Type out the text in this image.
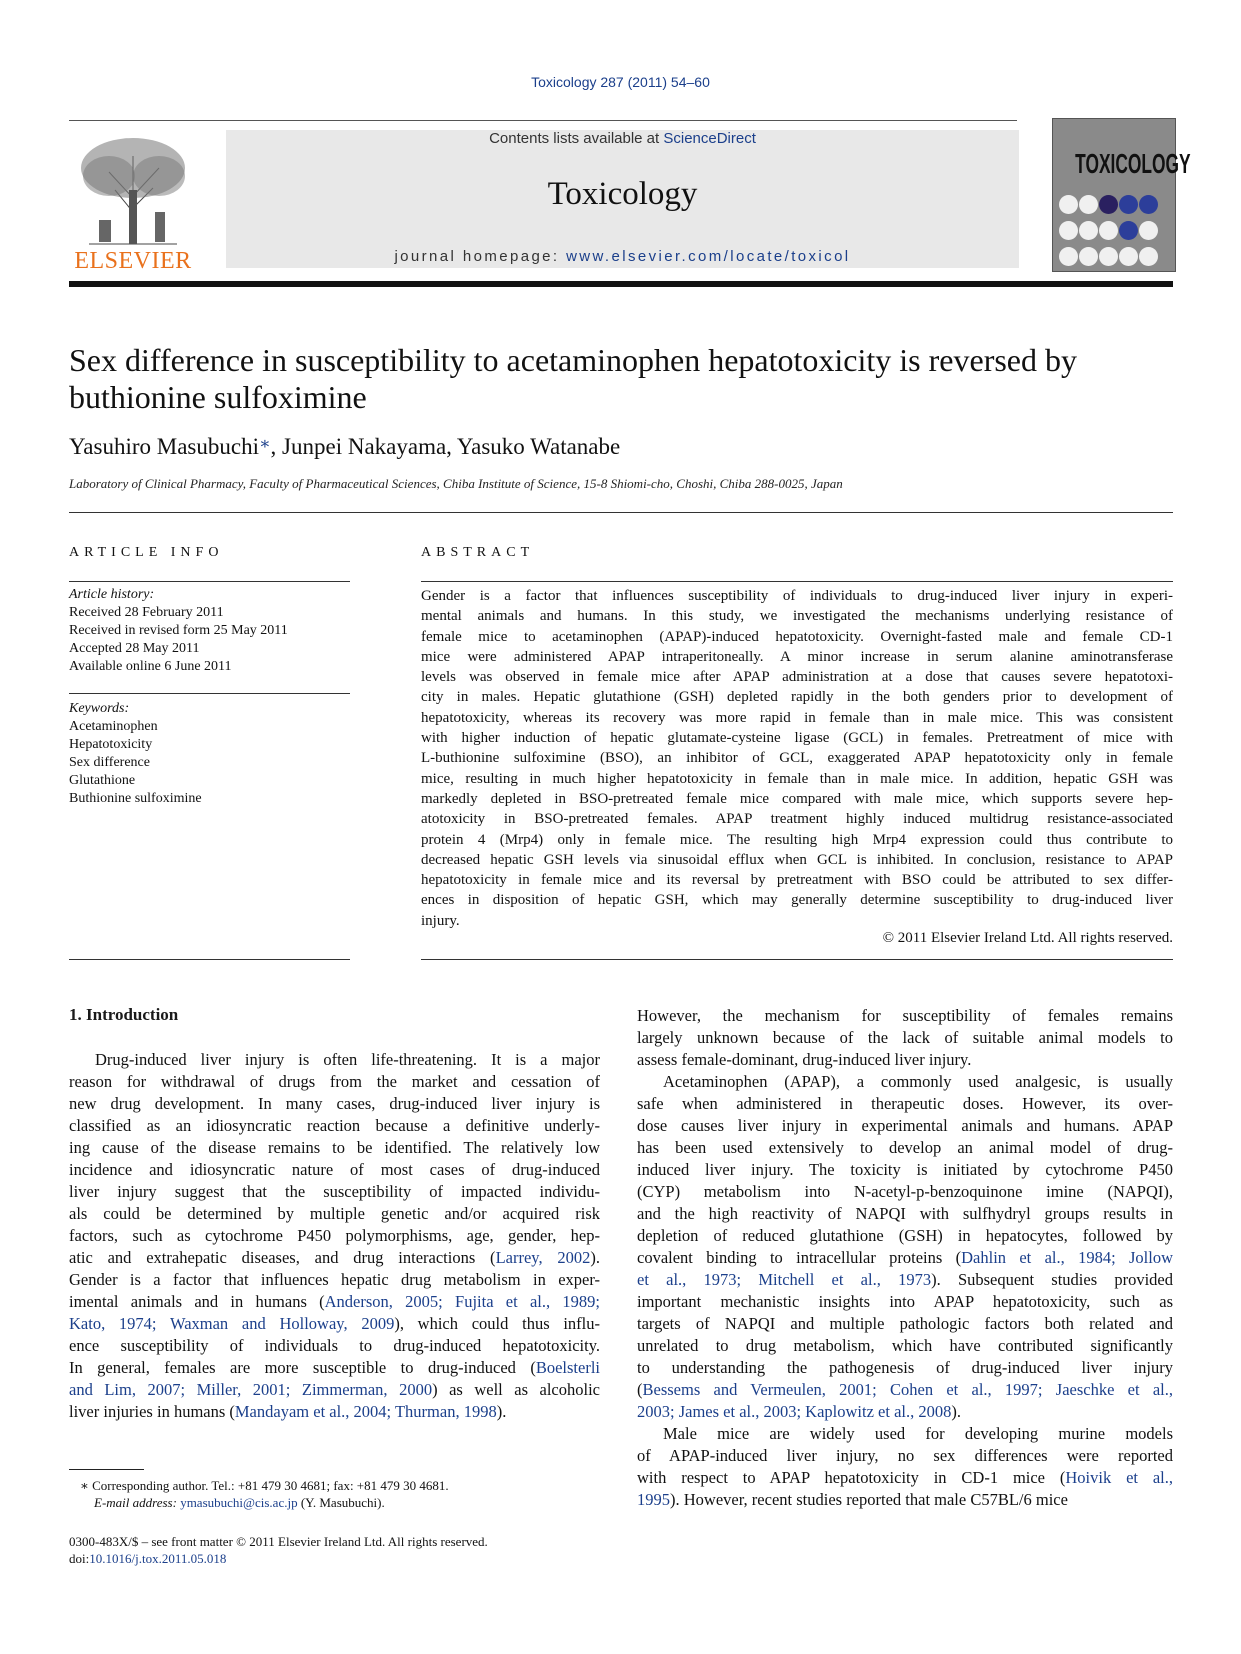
Toxicology 287 (2011) 54–60
ELSEVIER
Contents lists available at ScienceDirect
Toxicology
journal homepage: www.elsevier.com/locate/toxicol
TOXICOLOGY

Sex difference in susceptibility to acetaminophen hepatotoxicity is reversed by
buthionine sulfoximine
Yasuhiro Masubuchi∗, Junpei Nakayama, Yasuko Watanabe
Laboratory of Clinical Pharmacy, Faculty of Pharmaceutical Sciences, Chiba Institute of Science, 15-8 Shiomi-cho, Choshi, Chiba 288-0025, Japan
ARTICLE INFO
Article history:
Received 28 February 2011
Received in revised form 25 May 2011
Accepted 28 May 2011
Available online 6 June 2011
Keywords:
Acetaminophen
Hepatotoxicity
Sex difference
Glutathione
Buthionine sulfoximine
ABSTRACT
Gender is a factor that influences susceptibility of individuals to drug-induced liver injury in experi-
mental animals and humans. In this study, we investigated the mechanisms underlying resistance of
female mice to acetaminophen (APAP)-induced hepatotoxicity. Overnight-fasted male and female CD-1
mice were administered APAP intraperitoneally. A minor increase in serum alanine aminotransferase
levels was observed in female mice after APAP administration at a dose that causes severe hepatotoxi-
city in males. Hepatic glutathione (GSH) depleted rapidly in the both genders prior to development of
hepatotoxicity, whereas its recovery was more rapid in female than in male mice. This was consistent
with higher induction of hepatic glutamate-cysteine ligase (GCL) in females. Pretreatment of mice with
L-buthionine sulfoximine (BSO), an inhibitor of GCL, exaggerated APAP hepatotoxicity only in female
mice, resulting in much higher hepatotoxicity in female than in male mice. In addition, hepatic GSH was
markedly depleted in BSO-pretreated female mice compared with male mice, which supports severe hep-
atotoxicity in BSO-pretreated females. APAP treatment highly induced multidrug resistance-associated
protein 4 (Mrp4) only in female mice. The resulting high Mrp4 expression could thus contribute to
decreased hepatic GSH levels via sinusoidal efflux when GCL is inhibited. In conclusion, resistance to APAP
hepatotoxicity in female mice and its reversal by pretreatment with BSO could be attributed to sex differ-
ences in disposition of hepatic GSH, which may generally determine susceptibility to drug-induced liver
injury.
© 2011 Elsevier Ireland Ltd. All rights reserved.
1. Introduction
Drug-induced liver injury is often life-threatening. It is a major
reason for withdrawal of drugs from the market and cessation of
new drug development. In many cases, drug-induced liver injury is
classified as an idiosyncratic reaction because a definitive underly-
ing cause of the disease remains to be identified. The relatively low
incidence and idiosyncratic nature of most cases of drug-induced
liver injury suggest that the susceptibility of impacted individu-
als could be determined by multiple genetic and/or acquired risk
factors, such as cytochrome P450 polymorphisms, age, gender, hep-
atic and extrahepatic diseases, and drug interactions (Larrey, 2002).
Gender is a factor that influences hepatic drug metabolism in exper-
imental animals and in humans (Anderson, 2005; Fujita et al., 1989;
Kato, 1974; Waxman and Holloway, 2009), which could thus influ-
ence susceptibility of individuals to drug-induced hepatotoxicity.
In general, females are more susceptible to drug-induced (Boelsterli
and Lim, 2007; Miller, 2001; Zimmerman, 2000) as well as alcoholic
liver injuries in humans (Mandayam et al., 2004; Thurman, 1998).
However, the mechanism for susceptibility of females remains
largely unknown because of the lack of suitable animal models to
assess female-dominant, drug-induced liver injury.
Acetaminophen (APAP), a commonly used analgesic, is usually
safe when administered in therapeutic doses. However, its over-
dose causes liver injury in experimental animals and humans. APAP
has been used extensively to develop an animal model of drug-
induced liver injury. The toxicity is initiated by cytochrome P450
(CYP) metabolism into N-acetyl-p-benzoquinone imine (NAPQI),
and the high reactivity of NAPQI with sulfhydryl groups results in
depletion of reduced glutathione (GSH) in hepatocytes, followed by
covalent binding to intracellular proteins (Dahlin et al., 1984; Jollow
et al., 1973; Mitchell et al., 1973). Subsequent studies provided
important mechanistic insights into APAP hepatotoxicity, such as
targets of NAPQI and multiple pathologic factors both related and
unrelated to drug metabolism, which have contributed significantly
to understanding the pathogenesis of drug-induced liver injury
(Bessems and Vermeulen, 2001; Cohen et al., 1997; Jaeschke et al.,
2003; James et al., 2003; Kaplowitz et al., 2008).
Male mice are widely used for developing murine models
of APAP-induced liver injury, no sex differences were reported
with respect to APAP hepatotoxicity in CD-1 mice (Hoivik et al.,
1995). However, recent studies reported that male C57BL/6 mice
∗ Corresponding author. Tel.: +81 479 30 4681; fax: +81 479 30 4681.
E-mail address: ymasubuchi@cis.ac.jp (Y. Masubuchi).
0300-483X/$ – see front matter © 2011 Elsevier Ireland Ltd. All rights reserved.
doi:10.1016/j.tox.2011.05.018
